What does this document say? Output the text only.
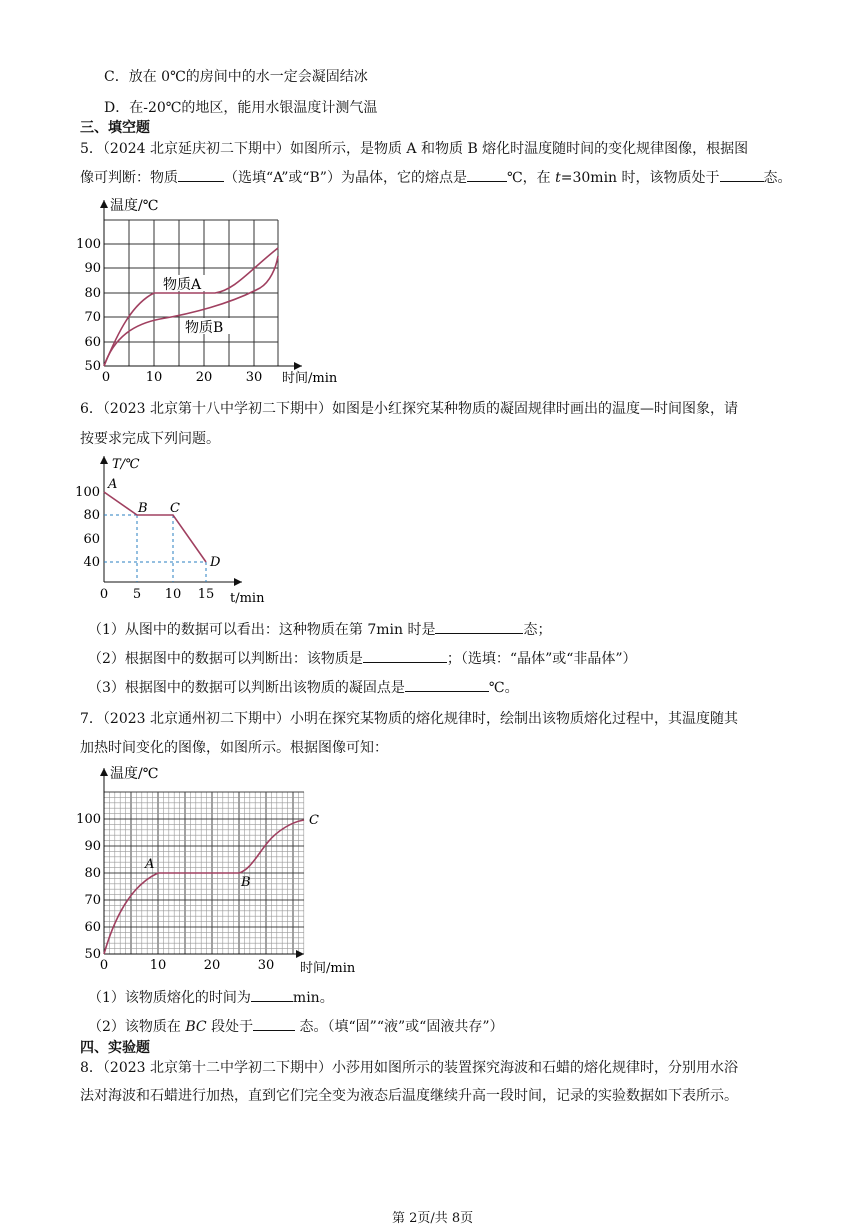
C．放在 0℃的房间中的水一定会凝固结冰
D．在-20℃的地区，能用水银温度计测气温
三、填空题
5．（2024 北京延庆初二下期中）如图所示，是物质 A 和物质 B 熔化时温度随时间的变化规律图像，根据图
像可判断：物质	（选填“A”或“B”）为晶体，它的熔点是	℃，在 t=30min 时，该物质处于	态。
温度/℃
时间/min
50
60
70
80
90
100
0	10	20	30
物质A
物质B
6．（2023 北京第十八中学初二下期中）如图是小红探究某种物质的凝固规律时画出的温度—时间图象，请
按要求完成下列问题。
T/℃
t/min
40
60
80
100
0 5 10 15
A
B C
D
（1）从图中的数据可以看出：这种物质在第 7min 时是	态；
（2）根据图中的数据可以判断出：该物质是	；（选填：“晶体”或“非晶体”）
（3）根据图中的数据可以判断出该物质的凝固点是	℃。
7．（2023 北京通州初二下期中）小明在探究某物质的熔化规律时，绘制出该物质熔化过程中，其温度随其
加热时间变化的图像，如图所示。根据图像可知：
温度/℃
时间/min
50
60
70
80
90
100
0	10	20	30
A
B
C
（1）该物质熔化的时间为	min。
（2）该物质在 BC 段处于	态。（填“固”“液”或“固液共存”）
四、实验题
8．（2023 北京第十二中学初二下期中）小莎用如图所示的装置探究海波和石蜡的熔化规律时，分别用水浴
法对海波和石蜡进行加热，直到它们完全变为液态后温度继续升高一段时间，记录的实验数据如下表所示。
第 2页/共 8页
